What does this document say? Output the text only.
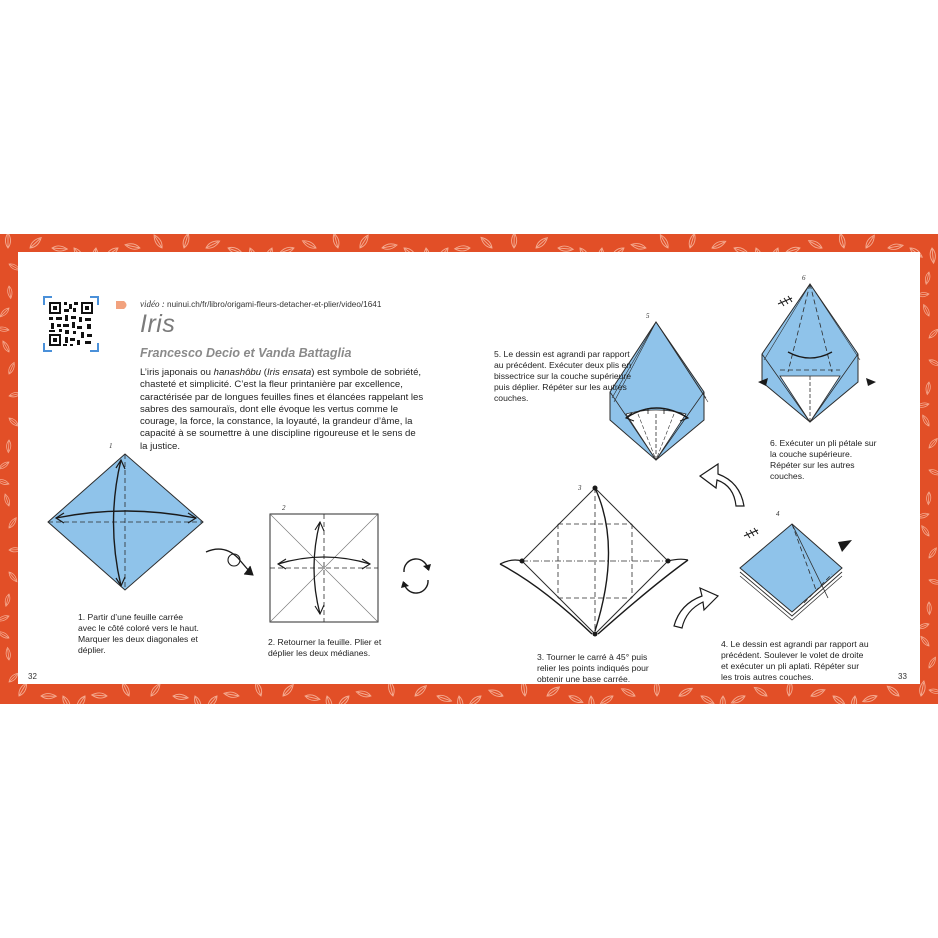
vidéo : nuinui.ch/fr/libro/origami-fleurs-detacher-et-plier/video/1641
Iris
Francesco Decio et Vanda Battaglia
L’iris japonais ou hanashôbu (Iris ensata) est symbole de sobriété, chasteté et simplicité. C’est la fleur printanière par excellence, caractérisée par de longues feuilles fines et élancées rappelant les sabres des samouraïs, dont elle évoque les vertus comme le courage, la force, la constance, la loyauté, la grandeur d’âme, la capacité à se soumettre à une discipline rigoureuse et le sens de la justice.
1
1. Partir d’une feuille carrée avec le côté coloré vers le haut. Marquer les deux diagonales et déplier.
2
2. Retourner la feuille. Plier et déplier les deux médianes.
3
3. Tourner le carré à 45° puis relier les points indiqués pour obtenir une base carrée.
4
4. Le dessin est agrandi par rapport au précédent. Soulever le volet de droite et exécuter un pli aplati. Répéter sur les trois autres couches.
5
5. Le dessin est agrandi par rapport au précédent. Exécuter deux plis en bissectrice sur la couche supérieure puis déplier. Répéter sur les autres couches.
6
6. Exécuter un pli pétale sur la couche supérieure. Répéter sur les autres couches.
32	33
